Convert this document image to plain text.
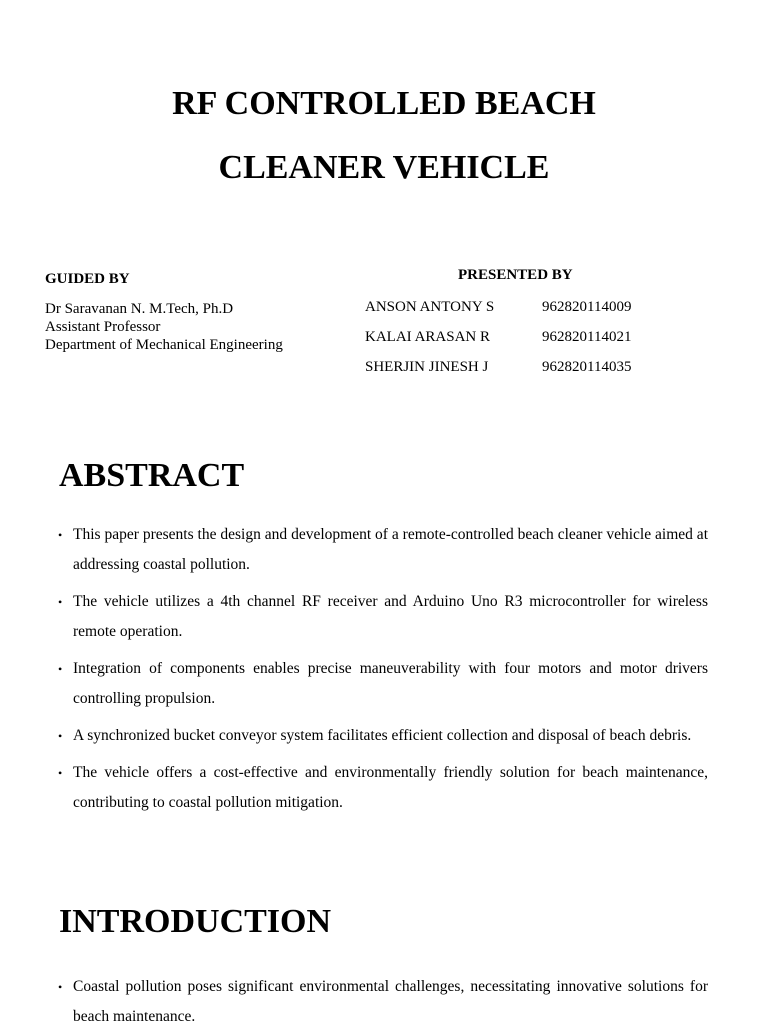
RF CONTROLLED BEACH
CLEANER VEHICLE
GUIDED BY
Dr Saravanan N. M.Tech, Ph.D
Assistant Professor
Department of Mechanical Engineering
PRESENTED BY
ANSON ANTONY S	962820114009
KALAI ARASAN R	962820114021
SHERJIN JINESH J	962820114035
ABSTRACT
• This paper presents the design and development of a remote-controlled beach cleaner vehicle aimed at addressing coastal pollution.
• The vehicle utilizes a 4th channel RF receiver and Arduino Uno R3 microcontroller for wireless remote operation.
• Integration of components enables precise maneuverability with four motors and motor drivers controlling propulsion.
• A synchronized bucket conveyor system facilitates efficient collection and disposal of beach debris.
• The vehicle offers a cost-effective and environmentally friendly solution for beach maintenance, contributing to coastal pollution mitigation.
INTRODUCTION
• Coastal pollution poses significant environmental challenges, necessitating innovative solutions for beach maintenance.
